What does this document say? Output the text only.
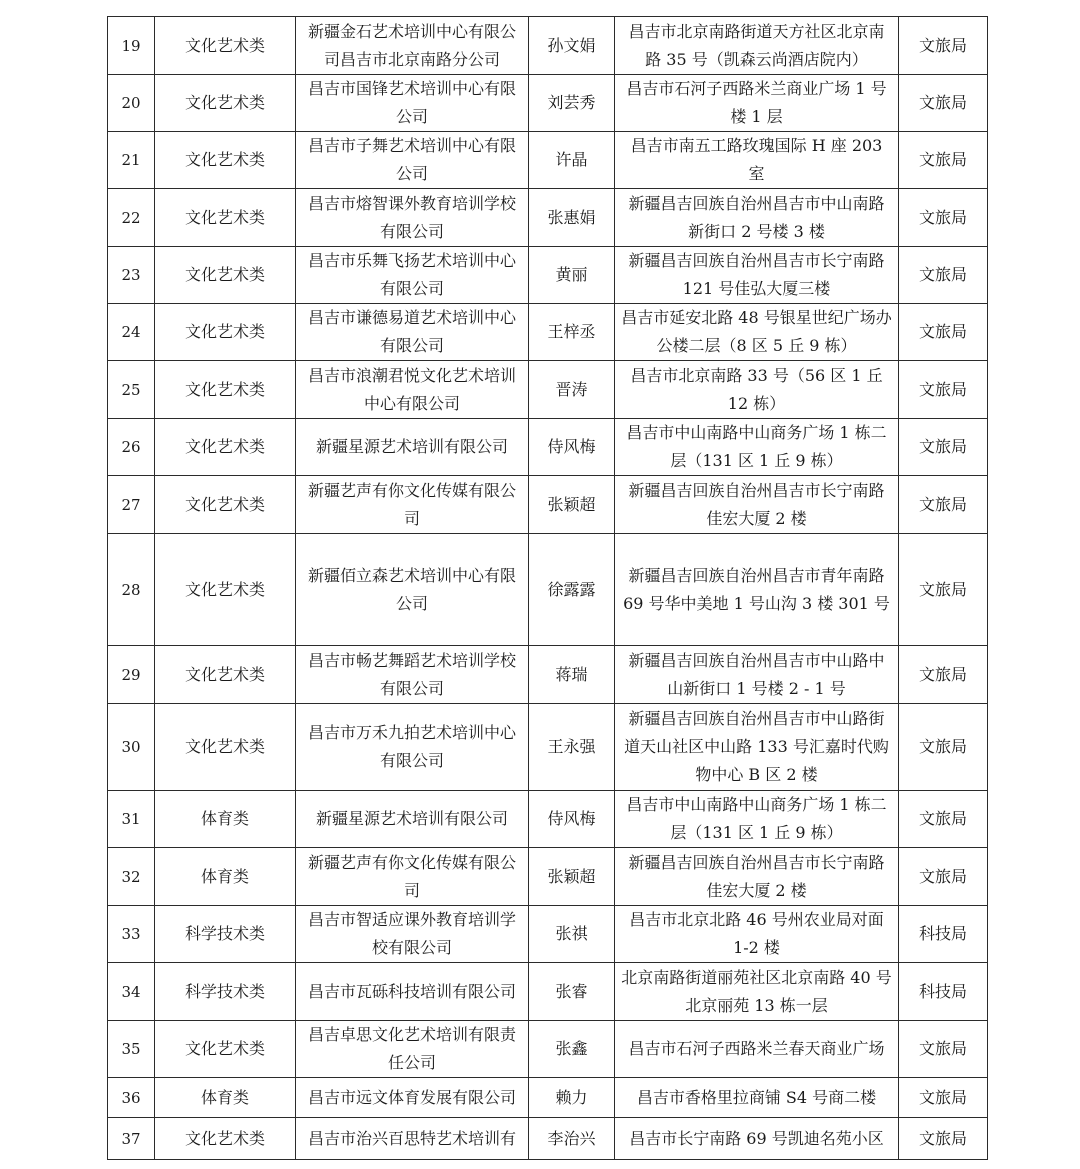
19	文化艺术类	新疆金石艺术培训中心有限公司昌吉市北京南路分公司	孙文娟	昌吉市北京南路街道天方社区北京南路 35 号（凯森云尚酒店院内）	文旅局
20	文化艺术类	昌吉市国锋艺术培训中心有限公司	刘芸秀	昌吉市石河子西路米兰商业广场 1 号楼 1 层	文旅局
21	文化艺术类	昌吉市子舞艺术培训中心有限公司	许晶	昌吉市南五工路玫瑰国际 H 座 203 室	文旅局
22	文化艺术类	昌吉市熔智课外教育培训学校有限公司	张惠娟	新疆昌吉回族自治州昌吉市中山南路新街口 2 号楼 3 楼	文旅局
23	文化艺术类	昌吉市乐舞飞扬艺术培训中心有限公司	黄丽	新疆昌吉回族自治州昌吉市长宁南路 121 号佳弘大厦三楼	文旅局
24	文化艺术类	昌吉市谦德易道艺术培训中心有限公司	王梓丞	昌吉市延安北路 48 号银星世纪广场办公楼二层（8 区 5 丘 9 栋）	文旅局
25	文化艺术类	昌吉市浪潮君悦文化艺术培训中心有限公司	晋涛	昌吉市北京南路 33 号（56 区 1 丘 12 栋）	文旅局
26	文化艺术类	新疆星源艺术培训有限公司	侍风梅	昌吉市中山南路中山商务广场 1 栋二层（131 区 1 丘 9 栋）	文旅局
27	文化艺术类	新疆艺声有你文化传媒有限公司	张颖超	新疆昌吉回族自治州昌吉市长宁南路佳宏大厦 2 楼	文旅局
28	文化艺术类	新疆佰立森艺术培训中心有限公司	徐露露	新疆昌吉回族自治州昌吉市青年南路 69 号华中美地 1 号山沟 3 楼 301 号	文旅局
29	文化艺术类	昌吉市畅艺舞蹈艺术培训学校有限公司	蒋瑞	新疆昌吉回族自治州昌吉市中山路中山新街口 1 号楼 2 - 1 号	文旅局
30	文化艺术类	昌吉市万禾九拍艺术培训中心有限公司	王永强	新疆昌吉回族自治州昌吉市中山路街道天山社区中山路 133 号汇嘉时代购物中心 B 区 2 楼	文旅局
31	体育类	新疆星源艺术培训有限公司	侍风梅	昌吉市中山南路中山商务广场 1 栋二层（131 区 1 丘 9 栋）	文旅局
32	体育类	新疆艺声有你文化传媒有限公司	张颖超	新疆昌吉回族自治州昌吉市长宁南路佳宏大厦 2 楼	文旅局
33	科学技术类	昌吉市智适应课外教育培训学校有限公司	张祺	昌吉市北京北路 46 号州农业局对面 1-2 楼	科技局
34	科学技术类	昌吉市瓦砾科技培训有限公司	张睿	北京南路街道丽苑社区北京南路 40 号北京丽苑 13 栋一层	科技局
35	文化艺术类	昌吉卓思文化艺术培训有限责任公司	张鑫	昌吉市石河子西路米兰春天商业广场	文旅局
36	体育类	昌吉市远文体育发展有限公司	赖力	昌吉市香格里拉商铺 S4 号商二楼	文旅局
37	文化艺术类	昌吉市治兴百思特艺术培训有	李治兴	昌吉市长宁南路 69 号凯迪名苑小区	文旅局
